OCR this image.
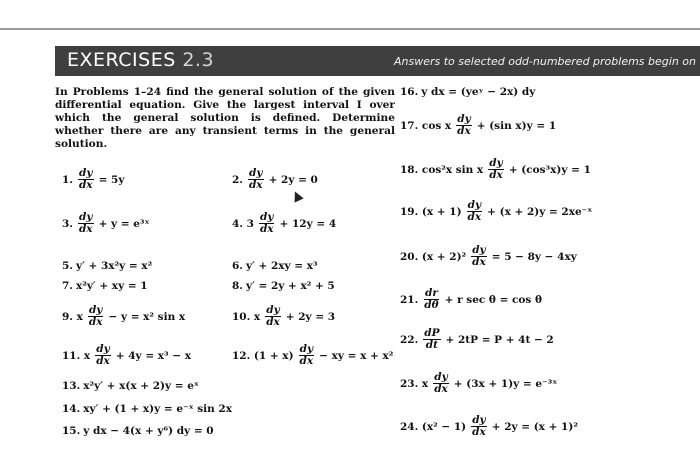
EXERCISES 2.3	Answers to selected odd-numbered problems begin on

In Problems 1–24 find the general solution of the given differential equation. Give the largest interval I over which the general solution is defined. Determine whether there are any transient terms in the general solution.

1. $\frac{dy}{dx} = 5y$
3. $\frac{dy}{dx} + y$ = e³ˣ
5. y′ + 3x²y = x²
7. x²y′ + xy = 1
9. x $\frac{dy}{dx} - y = x^2$ sin x
11. x $\frac{dy}{dx} + 4y = x^3 - x$
13. x²y′ + x(x + 2)y = eˣ
14. xy′ + (1 + x)y = e⁻ˣ sin 2x
15. y dx − 4(x + y⁶) dy = 0
2. $\frac{dy}{dx} + 2y = 0$
4. $3 \frac{dy}{dx} + 12y = 4$
6. y′ + 2xy = x³
8. y′ = 2y + x² + 5
10. x $\frac{dy}{dx} + 2y = 3$
12. $(1 + x) \frac{dy}{dx}$ − xy = x + x²
16. y dx = (yeʸ − 2x) dy
17. cos x $\frac{dy}{dx} + (\sin$ x)y = 1
18. cos²x sin x $\frac{dy}{dx} + (\cos^3x)y = 1$
19. $(x + 1) \frac{dy}{dx} + (x + 2)y$ = 2xe⁻ˣ
20. $(x + 2)^2 \frac{dy}{dx} = 5 - 8y - 4xy$
21. $\frac{dr}{d\theta} + r$ sec θ = cos θ
22. $\frac{dP}{dt} + 2tP = P + 4t - 2$
23. x $\frac{dy}{dx} + (3x + 1)y$ = e⁻³ˣ
24. $(x^2 - 1) \frac{dy}{dx} + 2y = (x + 1)^2$
